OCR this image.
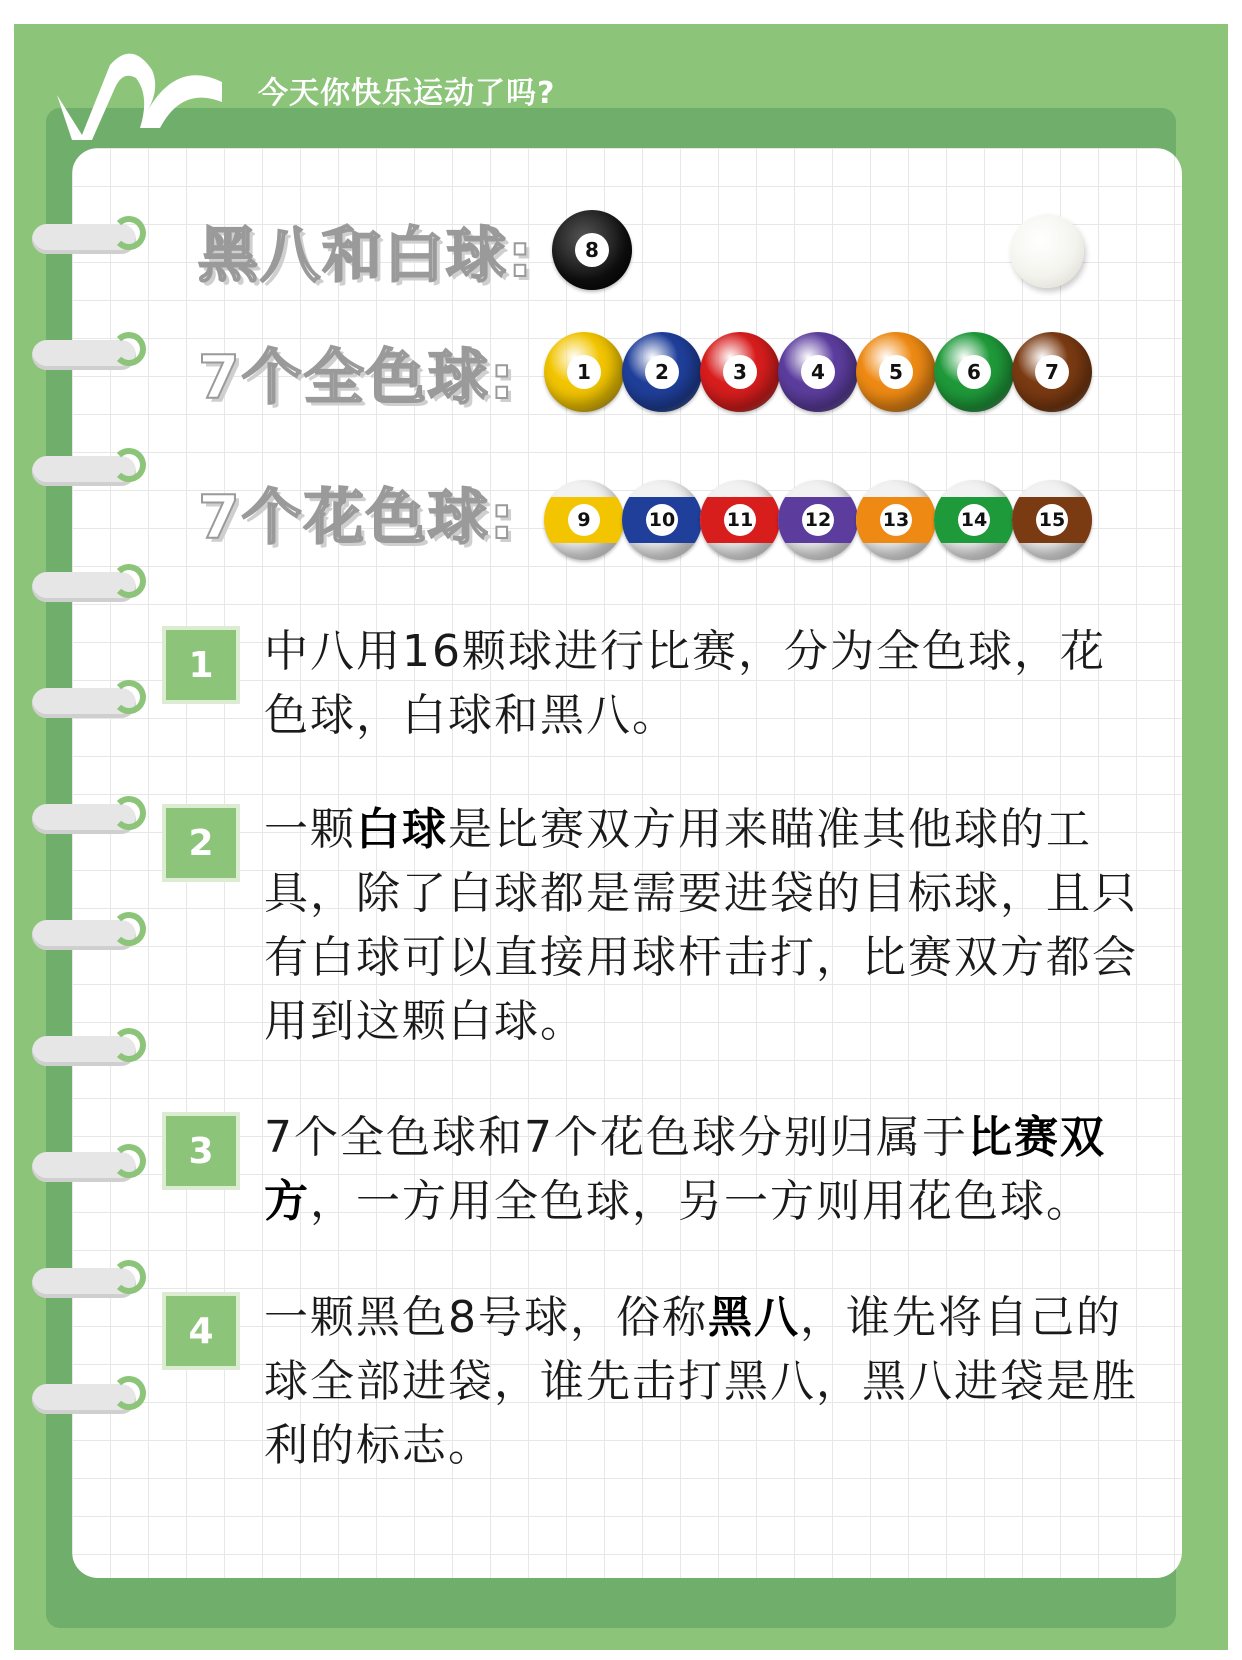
今天你快乐运动了吗?
黑八和白球:	8
7个全色球:	1	2	3	4	5	6	7
7个花色球:	9	10	11	12	13	14	15
1	中八用16颗球进行比赛，分为全色球，花色球，白球和黑八。
2	一颗白球是比赛双方用来瞄准其他球的工具，除了白球都是需要进袋的目标球，且只有白球可以直接用球杆击打，比赛双方都会用到这颗白球。
3	7个全色球和7个花色球分别归属于比赛双方，一方用全色球，另一方则用花色球。
4	一颗黑色8号球，俗称黑八，谁先将自己的球全部进袋，谁先击打黑八，黑八进袋是胜利的标志。
